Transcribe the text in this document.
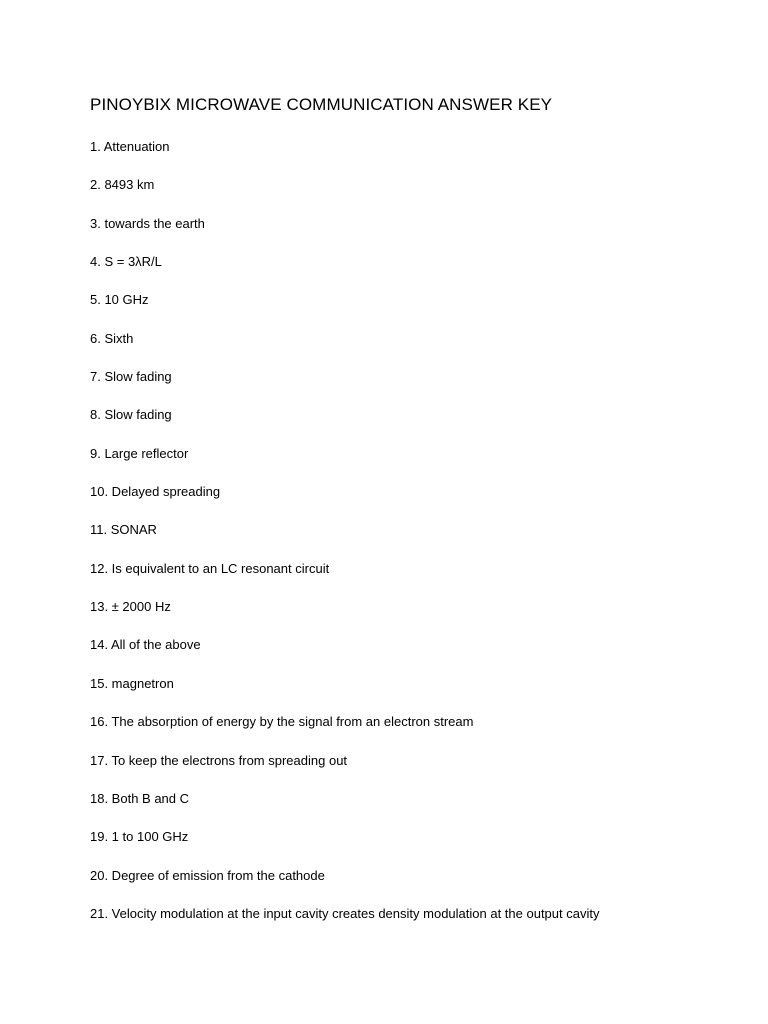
PINOYBIX MICROWAVE COMMUNICATION ANSWER KEY
1. Attenuation
2. 8493 km
3. towards the earth
4. S = 3λR/L
5. 10 GHz
6. Sixth
7. Slow fading
8. Slow fading
9. Large reflector
10. Delayed spreading
11. SONAR
12. Is equivalent to an LC resonant circuit
13. ± 2000 Hz
14. All of the above
15. magnetron
16. The absorption of energy by the signal from an electron stream
17. To keep the electrons from spreading out
18. Both B and C
19. 1 to 100 GHz
20. Degree of emission from the cathode
21. Velocity modulation at the input cavity creates density modulation at the output cavity
